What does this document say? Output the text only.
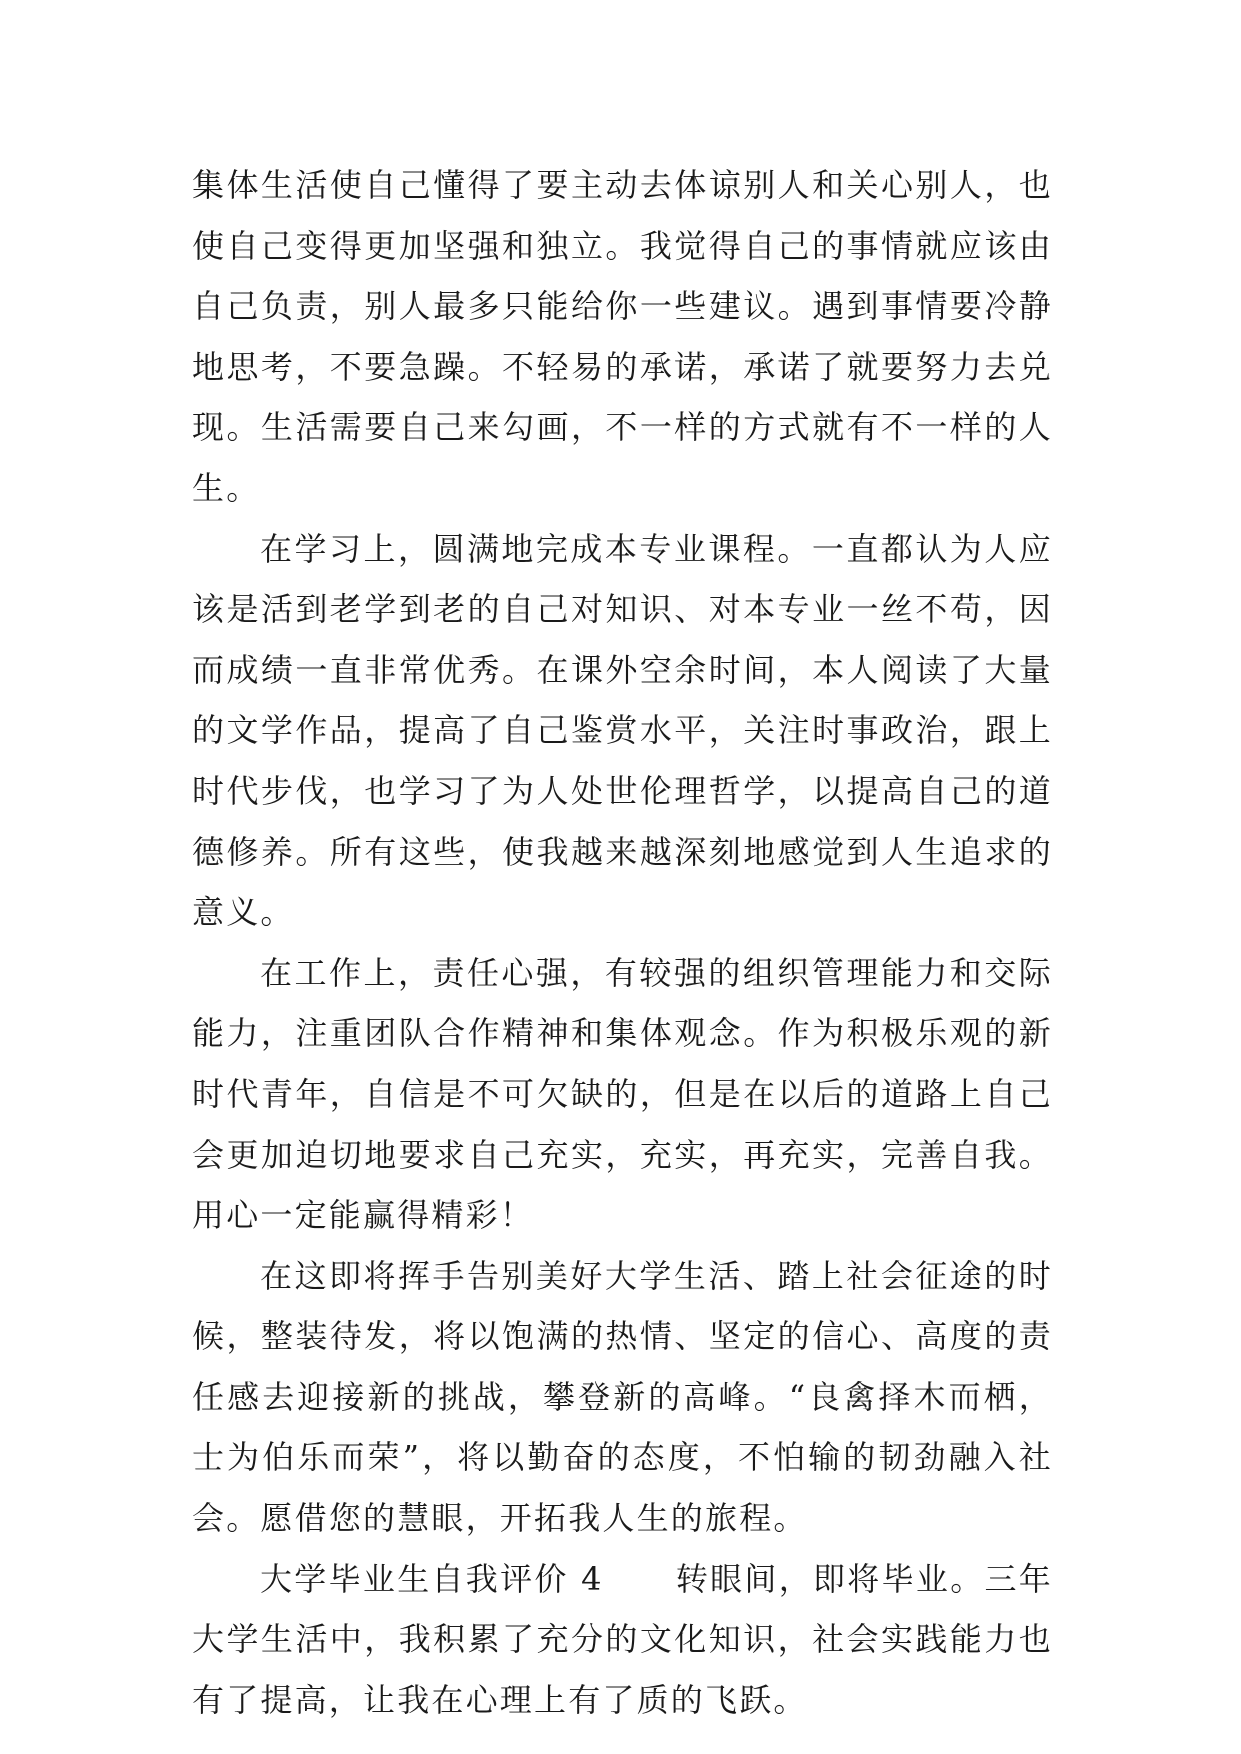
集体生活使自己懂得了要主动去体谅别人和关心别人，也使自己变得更加坚强和独立。我觉得自己的事情就应该由自己负责，别人最多只能给你一些建议。遇到事情要冷静地思考，不要急躁。不轻易的承诺，承诺了就要努力去兑现。生活需要自己来勾画，不一样的方式就有不一样的人生。

在学习上，圆满地完成本专业课程。一直都认为人应该是活到老学到老的自己对知识、对本专业一丝不苟，因而成绩一直非常优秀。在课外空余时间，本人阅读了大量的文学作品，提高了自己鉴赏水平，关注时事政治，跟上时代步伐，也学习了为人处世伦理哲学，以提高自己的道德修养。所有这些，使我越来越深刻地感觉到人生追求的意义。

在工作上，责任心强，有较强的组织管理能力和交际能力，注重团队合作精神和集体观念。作为积极乐观的新时代青年，自信是不可欠缺的，但是在以后的道路上自己会更加迫切地要求自己充实，充实，再充实，完善自我。用心一定能赢得精彩！

在这即将挥手告别美好大学生活、踏上社会征途的时候，整装待发，将以饱满的热情、坚定的信心、高度的责任感去迎接新的挑战，攀登新的高峰。“良禽择木而栖，士为伯乐而荣”，将以勤奋的态度，不怕输的韧劲融入社会。愿借您的慧眼，开拓我人生的旅程。

大学毕业生自我评价 4 转眼间，即将毕业。三年大学生活中，我积累了充分的文化知识，社会实践能力也有了提高，让我在心理上有了质的飞跃。
